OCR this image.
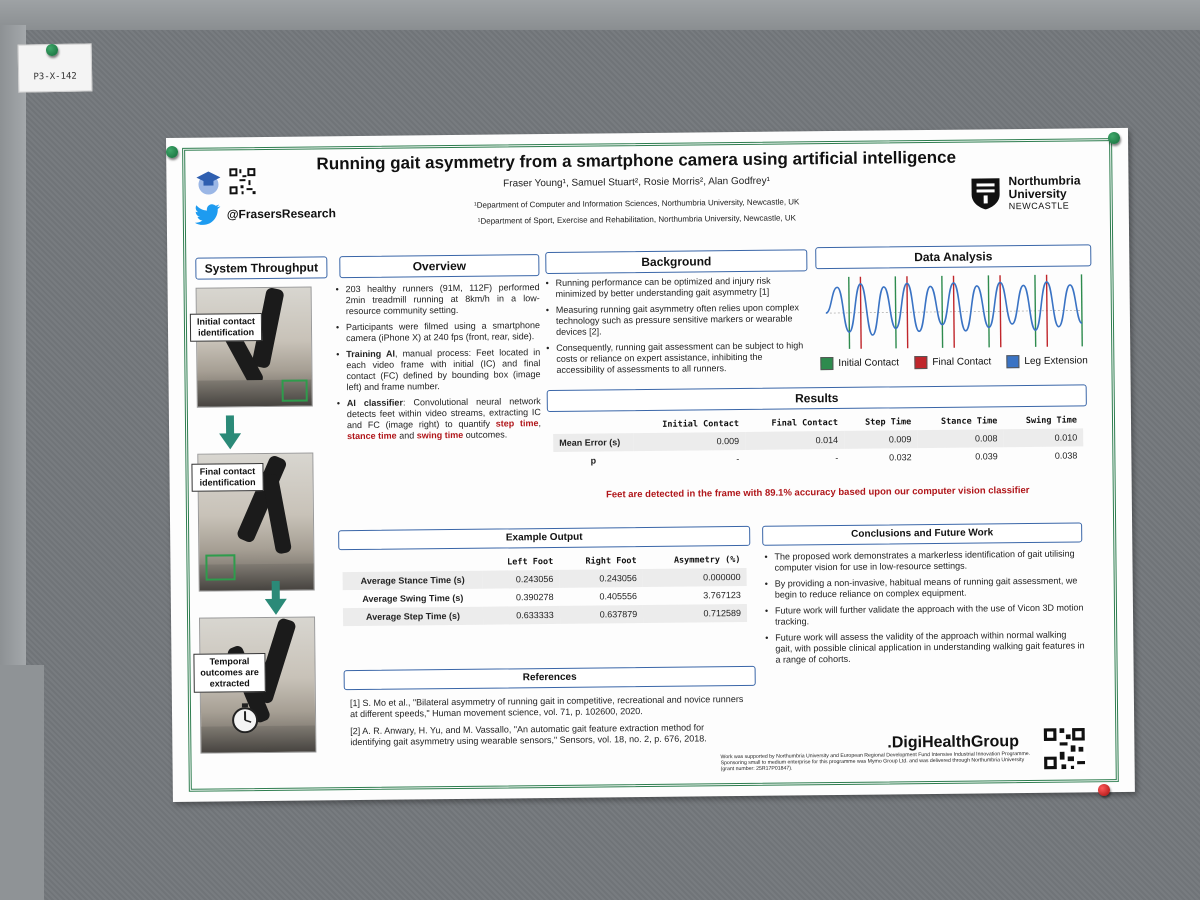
P3-X-142
Running gait asymmetry from a smartphone camera using artificial intelligence
Fraser Young¹, Samuel Stuart², Rosie Morris², Alan Godfrey¹
¹Department of Computer and Information Sciences, Northumbria University, Newcastle, UK
¹Department of Sport, Exercise and Rehabilitation, Northumbria University, Newcastle, UK
@FrasersResearch
Northumbria
University
NEWCASTLE
System Throughput
Initial contact identification
Final contact identification
Temporal outcomes are extracted
Overview
• 203 healthy runners (91M, 112F) performed 2min treadmill running at 8km/h in a low-resource community setting.
• Participants were filmed using a smartphone camera (iPhone X) at 240 fps (front, rear, side).
• Training AI, manual process: Feet located in each video frame with initial (IC) and final contact (FC) defined by bounding box (image left) and frame number.
• AI classifier: Convolutional neural network detects feet within video streams, extracting IC and FC (image right) to quantify step time, stance time and swing time outcomes.
Background
• Running performance can be optimized and injury risk minimized by better understanding gait asymmetry [1]
• Measuring running gait asymmetry often relies upon complex technology such as pressure sensitive markers or wearable devices [2].
• Consequently, running gait assessment can be subject to high costs or reliance on expert assistance, inhibiting the accessibility of assessments to all runners.
Data Analysis
Initial Contact	Final Contact	Leg Extension
Results
	Initial Contact	Final Contact	Step Time	Stance Time	Swing Time
Mean Error (s)	0.009	0.014	0.009	0.008	0.010
p	-	-	0.032	0.039	0.038
Feet are detected in the frame with 89.1% accuracy based upon our computer vision classifier
Example Output
	Left Foot	Right Foot	Asymmetry (%)
Average Stance Time (s)	0.243056	0.243056	0.000000
Average Swing Time (s)	0.390278	0.405556	3.767123
Average Step Time (s)	0.633333	0.637879	0.712589
Conclusions and Future Work
• The proposed work demonstrates a markerless identification of gait utilising computer vision for use in low-resource settings.
• By providing a non-invasive, habitual means of running gait assessment, we begin to reduce reliance on complex equipment.
• Future work will further validate the approach with the use of Vicon 3D motion tracking.
• Future work will assess the validity of the approach within normal walking gait, with possible clinical application in understanding walking gait features in a range of cohorts.
References

[1] S. Mo et al., "Bilateral asymmetry of running gait in competitive, recreational and novice runners at different speeds," Human movement science, vol. 71, p. 102600, 2020.

[2] A. R. Anwary, H. Yu, and M. Vassallo, "An automatic gait feature extraction method for identifying gait asymmetry using wearable sensors," Sensors, vol. 18, no. 2, p. 676, 2018.	.DigiHealthGroup
Work was supported by Northumbria University and European Regional Development Fund Intensive Industrial Innovation Programme. Sponsoring small to medium enterprise for this programme was Mymo Group Ltd. and was delivered through Northumbria University (grant number: 25R17P01847).
